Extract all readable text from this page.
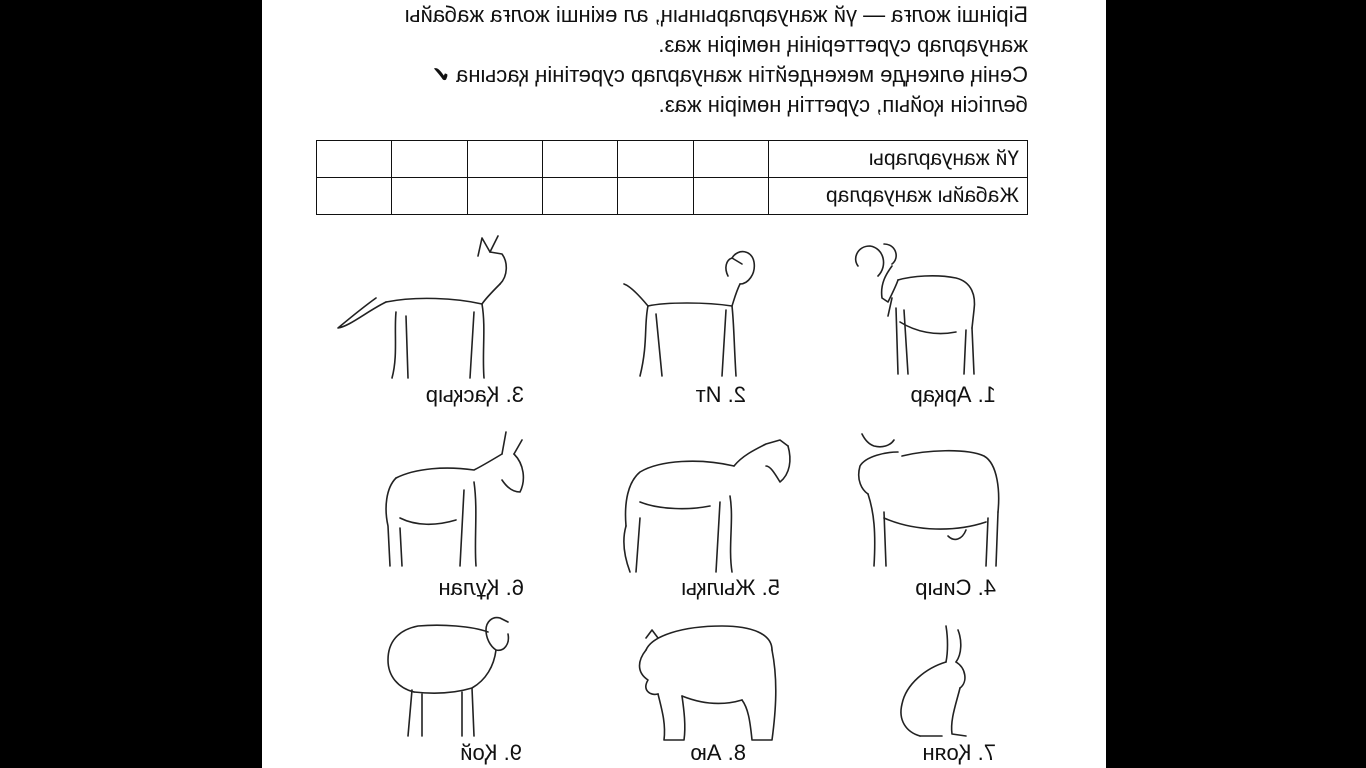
Бірінші жолға — үй жануарларының, ал екінші жолға жабайы

жануарлар суреттерінің нөмірін жаз.

Сенің өлкеңде мекендейтін жануарлар суретінің қасына✔

белгісін қойып, суреттің нөмірін жаз.

Үй жануарлары						
Жабайы жануарлар						
1. Арқар
2. Ит
3. Қасқыр
4. Сиыр
5. Жылқы
6. Құлан
7. Қоян
8. Аю
9. Қой
